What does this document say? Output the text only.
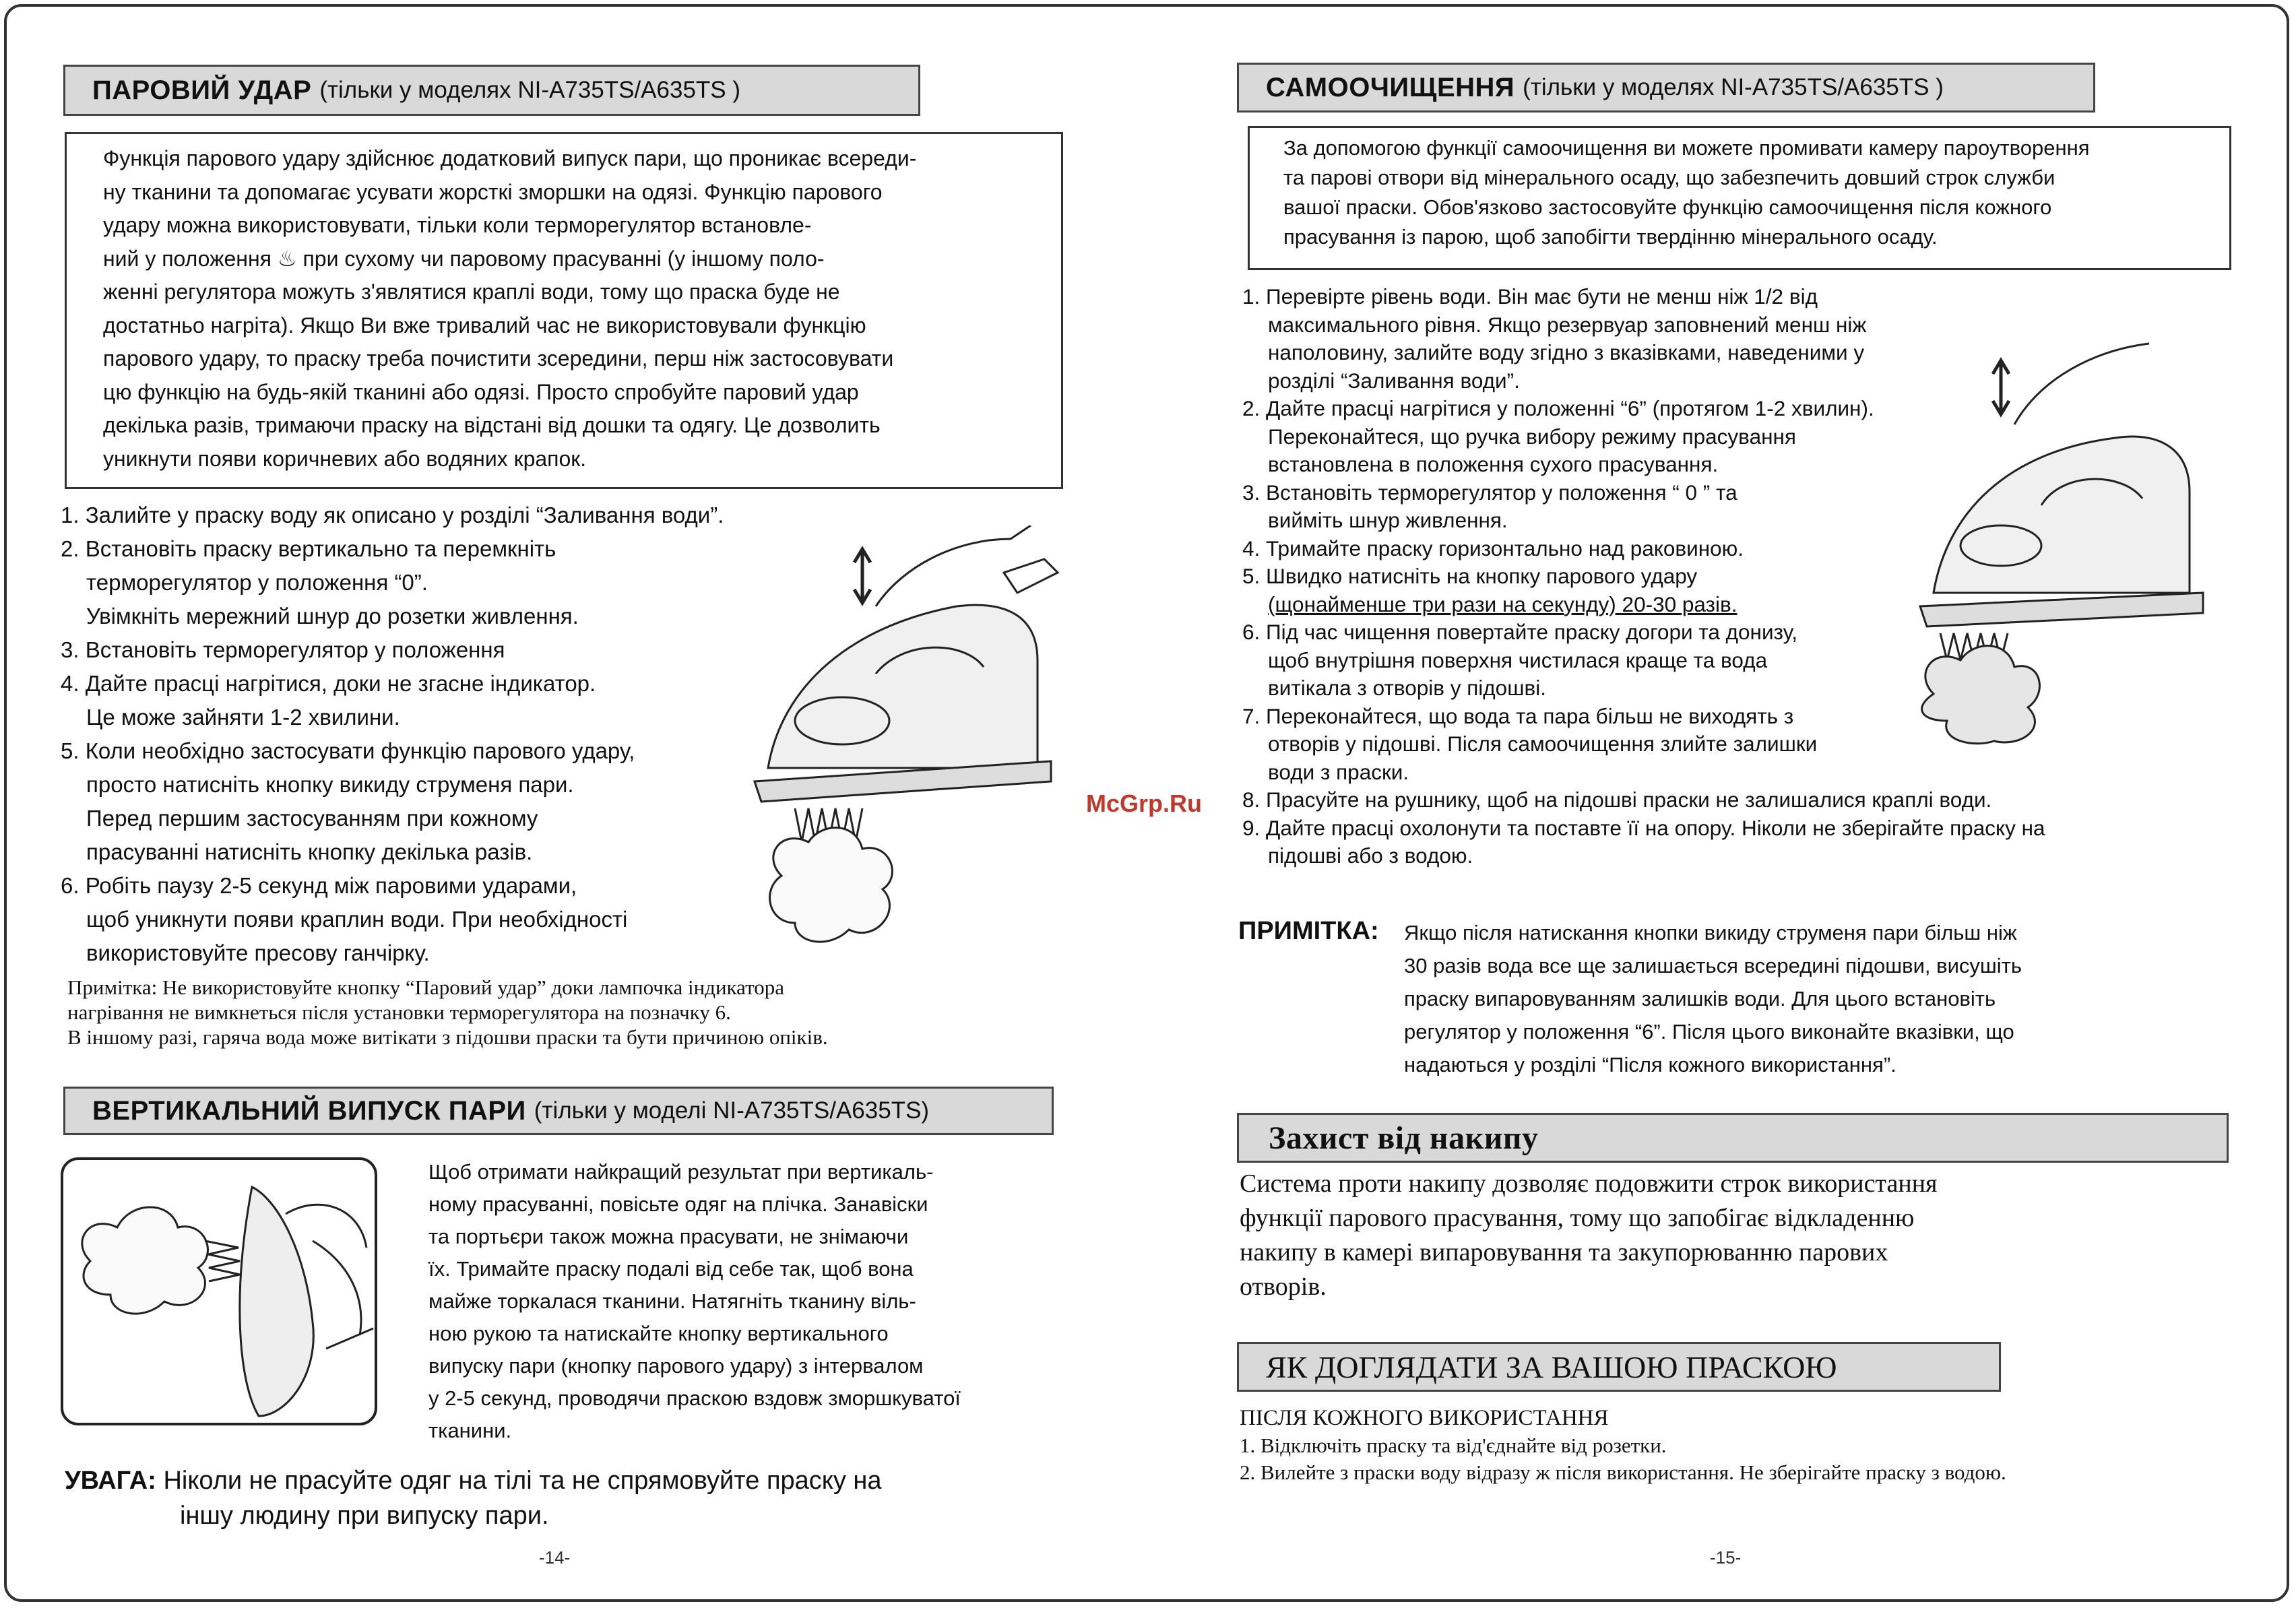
ПАРОВИЙ УДАР (тільки у моделях NI-A735TS/A635TS )
Функція парового удару здійснює додатковий випуск пари, що проникає всереди-
ну тканини та допомагає усувати жорсткі зморшки на одязі. Функцію парового
удару можна використовувати, тільки коли терморегулятор встановле-
ний у положення ♨ при сухому чи паровому прасуванні (у іншому поло-
женні регулятора можуть з'являтися краплі води, тому що праска буде не
достатньо нагріта). Якщо Ви вже тривалий час не використовували функцію
парового удару, то праску треба почистити зсередини, перш ніж застосовувати
цю функцію на будь-якій тканині або одязі. Просто спробуйте паровий удар
декілька разів, тримаючи праску на відстані від дошки та одягу. Це дозволить
уникнути появи коричневих або водяних крапок.
1. Залийте у праску воду як описано у розділі “Заливання води”.
2. Встановіть праску вертикально та перемкніть
терморегулятор у положення “0”.
Увімкніть мережний шнур до розетки живлення.
3. Встановіть терморегулятор у положення
4. Дайте прасці нагрітися, доки не згасне індикатор.
Це може зайняти 1-2 хвилини.
5. Коли необхідно застосувати функцію парового удару,
просто натисніть кнопку викиду струменя пари.
Перед першим застосуванням при кожному
прасуванні натисніть кнопку декілька разів.
6. Робіть паузу 2-5 секунд між паровими ударами,
щоб уникнути появи краплин води. При необхідності
використовуйте пресову ганчірку.
Примітка: Не використовуйте кнопку “Паровий удар” доки лампочка індикатора
нагрівання не вимкнеться після установки терморегулятора на позначку 6.
В іншому разі, гаряча вода може витікати з підошви праски та бути причиною опіків.
ВЕРТИКАЛЬНИЙ ВИПУСК ПАРИ (тільки у моделі NI-A735TS/A635TS)
Щоб отримати найкращий результат при вертикаль-
ному прасуванні, повісьте одяг на плічка. Занавіски
та портьєри також можна прасувати, не знімаючи
їх. Тримайте праску подалі від себе так, щоб вона
майже торкалася тканини. Натягніть тканину віль-
ною рукою та натискайте кнопку вертикального
випуску пари (кнопку парового удару) з інтервалом
у 2-5 секунд, проводячи праскою вздовж зморшкуватої
тканини.
УВАГА: Ніколи не прасуйте одяг на тілі та не спрямовуйте праску на
іншу людину при випуску пари.
-14-
McGrp.Ru
САМООЧИЩЕННЯ (тільки у моделях NI-A735TS/A635TS )
За допомогою функції самоочищення ви можете промивати камеру пароутворення
та парові отвори від мінерального осаду, що забезпечить довший строк служби
вашої праски. Обов'язково застосовуйте функцію самоочищення після кожного
прасування із парою, щоб запобігти твердінню мінерального осаду.
1. Перевірте рівень води. Він має бути не менш ніж 1/2 від
максимального рівня. Якщо резервуар заповнений менш ніж
наполовину, залийте воду згідно з вказівками, наведеними у
розділі “Заливання води”.
2. Дайте прасці нагрітися у положенні “6” (протягом 1-2 хвилин).
Переконайтеся, що ручка вибору режиму прасування
встановлена в положення сухого прасування.
3. Встановіть терморегулятор у положення “ 0 ” та
вийміть шнур живлення.
4. Тримайте праску горизонтально над раковиною.
5. Швидко натисніть на кнопку парового удару
(щонайменше три рази на секунду) 20-30 разів.
6. Під час чищення повертайте праску догори та донизу,
щоб внутрішня поверхня чистилася краще та вода
витікала з отворів у підошві.
7. Переконайтеся, що вода та пара більш не виходять з
отворів у підошві. Після самоочищення злийте залишки
води з праски.
8. Прасуйте на рушнику, щоб на підошві праски не залишалися краплі води.
9. Дайте прасці охолонути та поставте її на опору. Ніколи не зберігайте праску на
підошві або з водою.
ПРИМІТКА: Якщо після натискання кнопки викиду струменя пари більш ніж
30 разів вода все ще залишається всередині підошви, висушіть
праску випаровуванням залишків води. Для цього встановіть
регулятор у положення “6”. Після цього виконайте вказівки, що
надаються у розділі “Після кожного використання”.
Захист від накипу
Система проти накипу дозволяє подовжити строк використання
функції парового прасування, тому що запобігає відкладенню
накипу в камері випаровування та закупорюванню парових
отворів.
ЯК ДОГЛЯДАТИ ЗА ВАШОЮ ПРАСКОЮ
ПІСЛЯ КОЖНОГО ВИКОРИСТАННЯ
1. Відключіть праску та від'єднайте від розетки.
2. Вилейте з праски воду відразу ж після використання. Не зберігайте праску з водою.
-15-
